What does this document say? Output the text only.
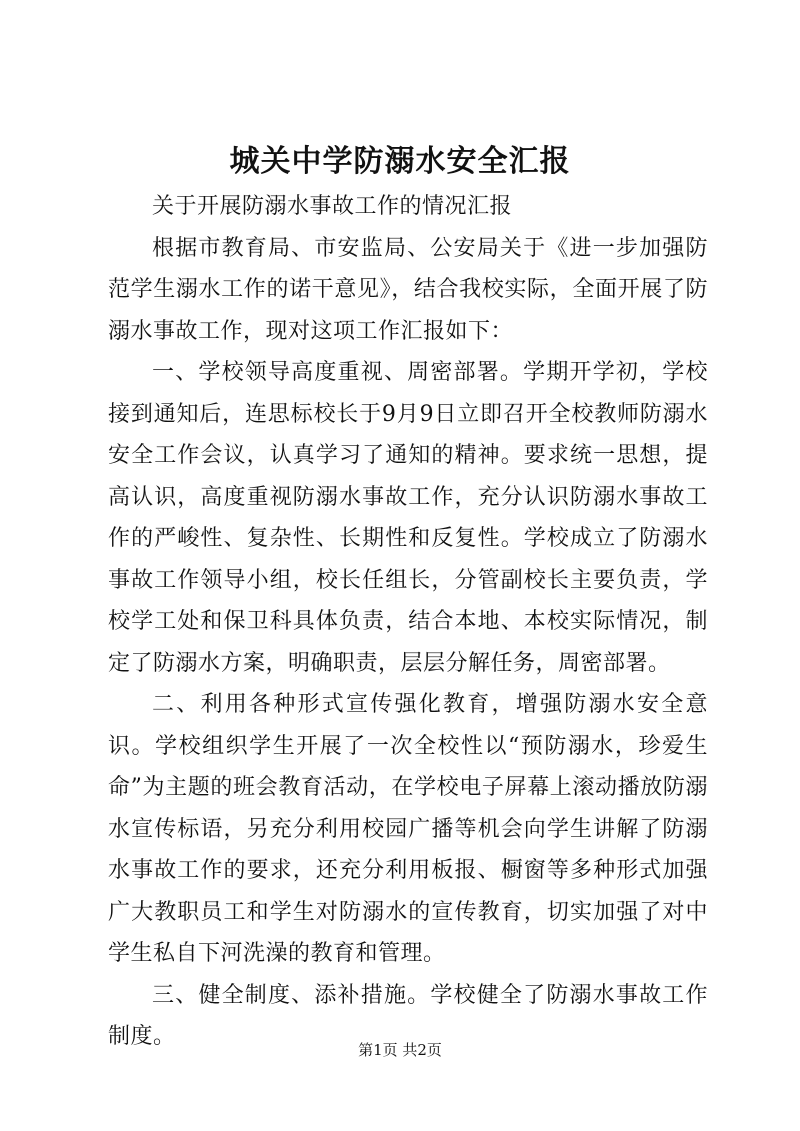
城关中学防溺水安全汇报

关于开展防溺水事故工作的情况汇报

根据市教育局、市安监局、公安局关于《进一步加强防范学生溺水工作的诺干意见》，结合我校实际，全面开展了防溺水事故工作，现对这项工作汇报如下：

一、学校领导高度重视、周密部署。学期开学初，学校接到通知后，连思标校长于9月9日立即召开全校教师防溺水安全工作会议，认真学习了通知的精神。要求统一思想，提高认识，高度重视防溺水事故工作，充分认识防溺水事故工作的严峻性、复杂性、长期性和反复性。学校成立了防溺水事故工作领导小组，校长任组长，分管副校长主要负责，学校学工处和保卫科具体负责，结合本地、本校实际情况，制定了防溺水方案，明确职责，层层分解任务，周密部署。

二、利用各种形式宣传强化教育，增强防溺水安全意识。学校组织学生开展了一次全校性以“预防溺水，珍爱生命”为主题的班会教育活动，在学校电子屏幕上滚动播放防溺水宣传标语，另充分利用校园广播等机会向学生讲解了防溺水事故工作的要求，还充分利用板报、橱窗等多种形式加强广大教职员工和学生对防溺水的宣传教育，切实加强了对中学生私自下河洗澡的教育和管理。

三、健全制度、添补措施。学校健全了防溺水事故工作制度。

第1页 共2页
